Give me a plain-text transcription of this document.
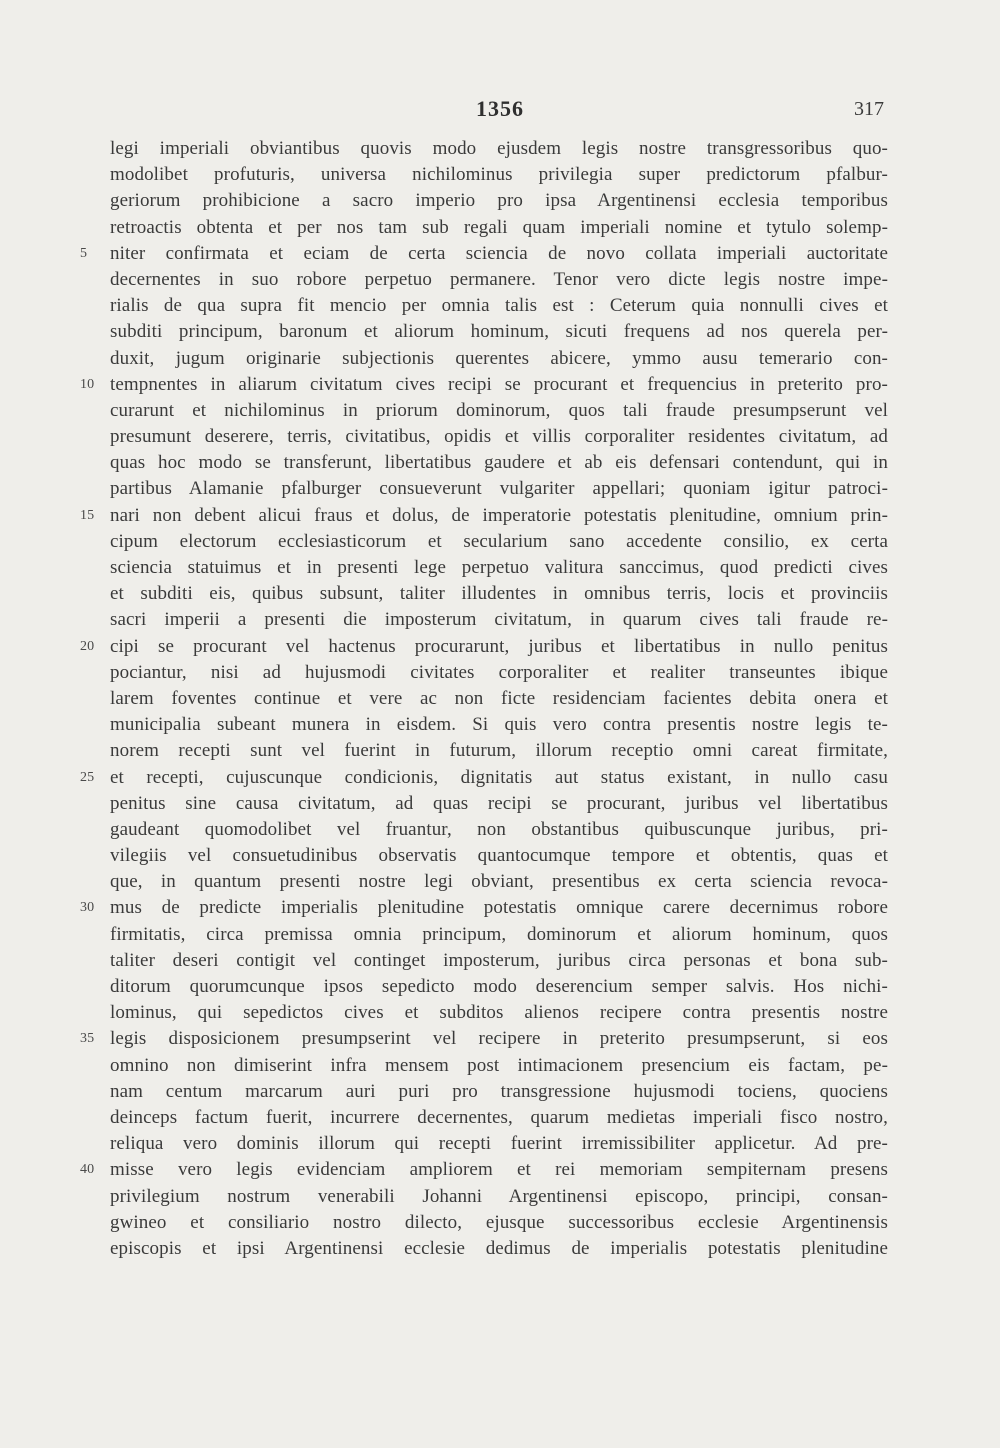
1356	317
legi imperiali obviantibus quovis modo ejusdem legis nostre transgressoribus quo-
modolibet profuturis, universa nichilominus privilegia super predictorum pfalbur-
geriorum prohibicione a sacro imperio pro ipsa Argentinensi ecclesia temporibus
retroactis obtenta et per nos tam sub regali quam imperiali nomine et tytulo solemp-
5	niter confirmata et eciam de certa sciencia de novo collata imperiali auctoritate
decernentes in suo robore perpetuo permanere. Tenor vero dicte legis nostre impe-
rialis de qua supra fit mencio per omnia talis est : Ceterum quia nonnulli cives et
subditi principum, baronum et aliorum hominum, sicuti frequens ad nos querela per-
duxit, jugum originarie subjectionis querentes abicere, ymmo ausu temerario con-
10 tempnentes in aliarum civitatum cives recipi se procurant et frequencius in preterito pro-
curarunt et nichilominus in priorum dominorum, quos tali fraude presumpserunt vel
presumunt deserere, terris, civitatibus, opidis et villis corporaliter residentes civitatum, ad
quas hoc modo se transferunt, libertatibus gaudere et ab eis defensari contendunt, qui in
partibus Alamanie pfalburger consueverunt vulgariter appellari; quoniam igitur patroci-
15 nari non debent alicui fraus et dolus, de imperatorie potestatis plenitudine, omnium prin-
cipum electorum ecclesiasticorum et secularium sano accedente consilio, ex certa
sciencia statuimus et in presenti lege perpetuo valitura sanccimus, quod predicti cives
et subditi eis, quibus subsunt, taliter illudentes in omnibus terris, locis et provinciis
sacri imperii a presenti die imposterum civitatum, in quarum cives tali fraude re-
20 cipi se procurant vel hactenus procurarunt, juribus et libertatibus in nullo penitus
pociantur, nisi ad hujusmodi civitates corporaliter et realiter transeuntes ibique
larem foventes continue et vere ac non ficte residenciam facientes debita onera et
municipalia subeant munera in eisdem. Si quis vero contra presentis nostre legis te-
norem recepti sunt vel fuerint in futurum, illorum receptio omni careat firmitate,
25 et recepti, cujuscunque condicionis, dignitatis aut status existant, in nullo casu
penitus sine causa civitatum, ad quas recipi se procurant, juribus vel libertatibus
gaudeant quomodolibet vel fruantur, non obstantibus quibuscunque juribus, pri-
vilegiis vel consuetudinibus observatis quantocumque tempore et obtentis, quas et
que, in quantum presenti nostre legi obviant, presentibus ex certa sciencia revoca-
30 mus de predicte imperialis plenitudine potestatis omnique carere decernimus robore
firmitatis, circa premissa omnia principum, dominorum et aliorum hominum, quos
taliter deseri contigit vel continget imposterum, juribus circa personas et bona sub-
ditorum quorumcunque ipsos sepedicto modo deserencium semper salvis. Hos nichi-
lominus, qui sepedictos cives et subditos alienos recipere contra presentis nostre
35 legis disposicionem presumpserint vel recipere in preterito presumpserunt, si eos
omnino non dimiserint infra mensem post intimacionem presencium eis factam, pe-
nam centum marcarum auri puri pro transgressione hujusmodi tociens, quociens
deinceps factum fuerit, incurrere decernentes, quarum medietas imperiali fisco nostro,
reliqua vero dominis illorum qui recepti fuerint irremissibiliter applicetur. Ad pre-
40 misse vero legis evidenciam ampliorem et rei memoriam sempiternam presens
privilegium nostrum venerabili Johanni Argentinensi episcopo, principi, consan-
gwineo et consiliario nostro dilecto, ejusque successoribus ecclesie Argentinensis
episcopis et ipsi Argentinensi ecclesie dedimus de imperialis potestatis plenitudine
